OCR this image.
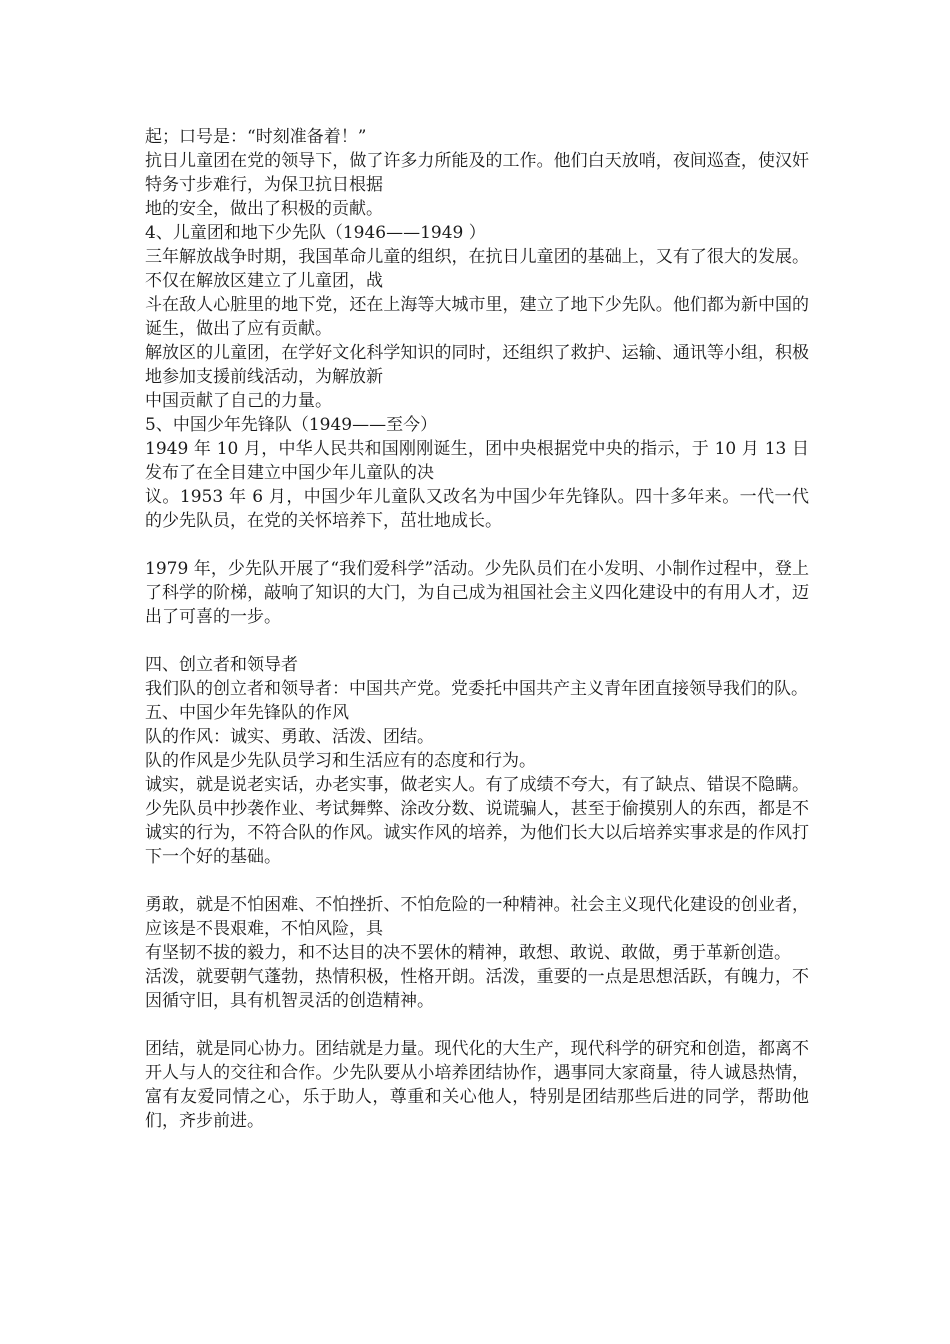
起；口号是：“时刻准备着！”
抗日儿童团在党的领导下，做了许多力所能及的工作。他们白天放哨，夜间巡查，使汉奸特务寸步难行，为保卫抗日根据
地的安全，做出了积极的贡献。
4、儿童团和地下少先队（1946——1949 ）
三年解放战争时期，我国革命儿童的组织，在抗日儿童团的基础上，又有了很大的发展。不仅在解放区建立了儿童团，战
斗在敌人心脏里的地下党，还在上海等大城市里，建立了地下少先队。他们都为新中国的诞生，做出了应有贡献。
解放区的儿童团，在学好文化科学知识的同时，还组织了救护、运输、通讯等小组，积极地参加支援前线活动，为解放新
中国贡献了自己的力量。
5、中国少年先锋队（1949——至今）
1949 年 10 月，中华人民共和国刚刚诞生，团中央根据党中央的指示，于 10 月 13 日发布了在全目建立中国少年儿童队的决
议。1953 年 6 月，中国少年儿童队又改名为中国少年先锋队。四十多年来。一代一代的少先队员，在党的关怀培养下，茁壮地成长。
1979 年，少先队开展了“我们爱科学”活动。少先队员们在小发明、小制作过程中，登上了科学的阶梯，敲响了知识的大门，为自己成为祖国社会主义四化建设中的有用人才，迈出了可喜的一步。
四、创立者和领导者
我们队的创立者和领导者：中国共产党。党委托中国共产主义青年团直接领导我们的队。
五、中国少年先锋队的作风
队的作风：诚实、勇敢、活泼、团结。
队的作风是少先队员学习和生活应有的态度和行为。
诚实，就是说老实话，办老实事，做老实人。有了成绩不夸大，有了缺点、错误不隐瞒。少先队员中抄袭作业、考试舞弊、涂改分数、说谎骗人，甚至于偷摸别人的东西，都是不诚实的行为，不符合队的作风。诚实作风的培养，为他们长大以后培养实事求是的作风打下一个好的基础。
勇敢，就是不怕困难、不怕挫折、不怕危险的一种精神。社会主义现代化建设的创业者，应该是不畏艰难，不怕风险，具
有坚韧不拔的毅力，和不达目的决不罢休的精神，敢想、敢说、敢做，勇于革新创造。
活泼，就要朝气蓬勃，热情积极，性格开朗。活泼，重要的一点是思想活跃，有魄力，不因循守旧，具有机智灵活的创造精神。
团结，就是同心协力。团结就是力量。现代化的大生产，现代科学的研究和创造，都离不开人与人的交往和合作。少先队要从小培养团结协作，遇事同大家商量，待人诚恳热情，富有友爱同情之心，乐于助人，尊重和关心他人，特别是团结那些后进的同学，帮助他们，齐步前进。
